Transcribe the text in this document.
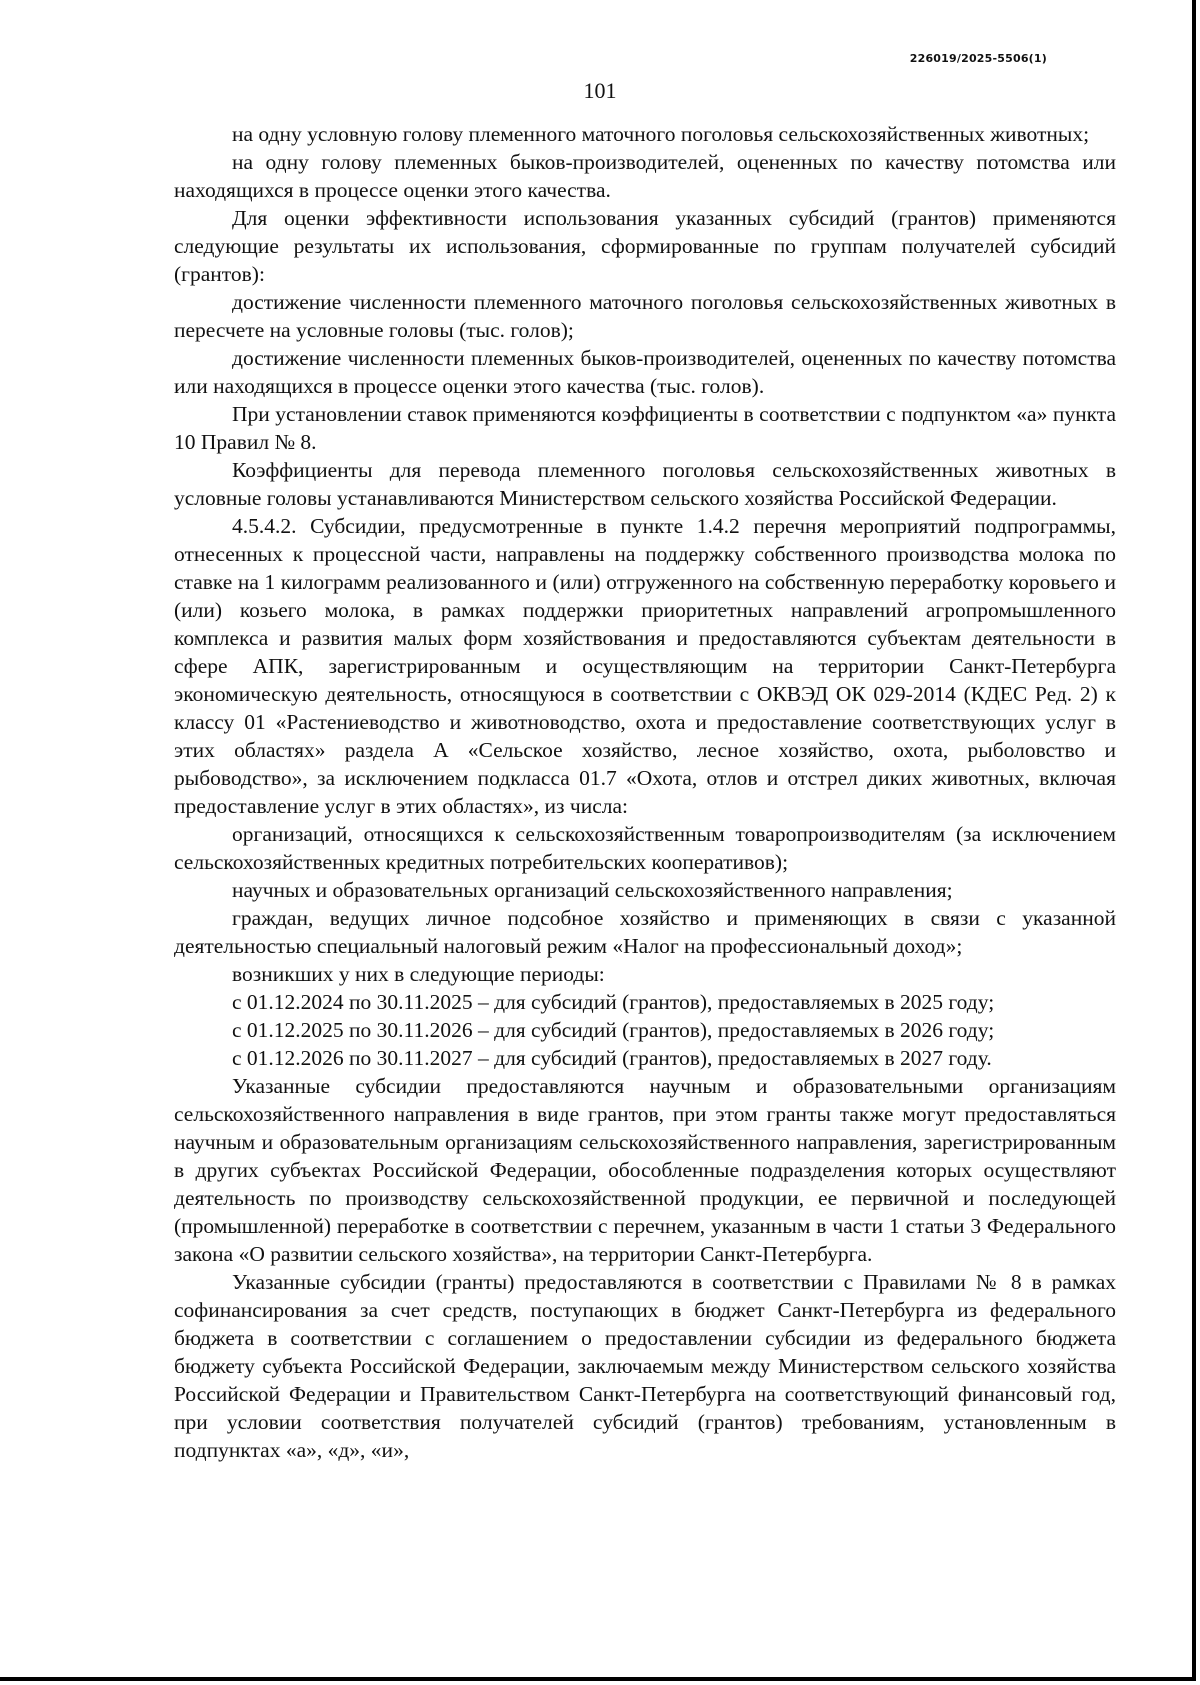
226019/2025-5506(1)
101

на одну условную голову племенного маточного поголовья сельскохозяйственных животных;

на одну голову племенных быков-производителей, оцененных по качеству потомства или находящихся в процессе оценки этого качества.

Для оценки эффективности использования указанных субсидий (грантов) применяются следующие результаты их использования, сформированные по группам получателей субсидий (грантов):

достижение численности племенного маточного поголовья сельскохозяйственных животных в пересчете на условные головы (тыс. голов);

достижение численности племенных быков-производителей, оцененных по качеству потомства или находящихся в процессе оценки этого качества (тыс. голов).

При установлении ставок применяются коэффициенты в соответствии с подпунктом «а» пункта 10 Правил № 8.

Коэффициенты для перевода племенного поголовья сельскохозяйственных животных в условные головы устанавливаются Министерством сельского хозяйства Российской Федерации.

4.5.4.2. Субсидии, предусмотренные в пункте 1.4.2 перечня мероприятий подпрограммы, отнесенных к процессной части, направлены на поддержку собственного производства молока по ставке на 1 килограмм реализованного и (или) отгруженного на собственную переработку коровьего и (или) козьего молока, в рамках поддержки приоритетных направлений агропромышленного комплекса и развития малых форм хозяйствования и предоставляются субъектам деятельности в сфере АПК, зарегистрированным и осуществляющим на территории Санкт-Петербурга экономическую деятельность, относящуюся в соответствии с ОКВЭД ОК 029-2014 (КДЕС Ред. 2) к классу 01 «Растениеводство и животноводство, охота и предоставление соответствующих услуг в этих областях» раздела А «Сельское хозяйство, лесное хозяйство, охота, рыболовство и рыбоводство», за исключением подкласса 01.7 «Охота, отлов и отстрел диких животных, включая предоставление услуг в этих областях», из числа:

организаций, относящихся к сельскохозяйственным товаропроизводителям (за исключением сельскохозяйственных кредитных потребительских кооперативов);

научных и образовательных организаций сельскохозяйственного направления;

граждан, ведущих личное подсобное хозяйство и применяющих в связи с указанной деятельностью специальный налоговый режим «Налог на профессиональный доход»;

возникших у них в следующие периоды:

с 01.12.2024 по 30.11.2025 – для субсидий (грантов), предоставляемых в 2025 году;

с 01.12.2025 по 30.11.2026 – для субсидий (грантов), предоставляемых в 2026 году;

с 01.12.2026 по 30.11.2027 – для субсидий (грантов), предоставляемых в 2027 году.

Указанные субсидии предоставляются научным и образовательными организациям сельскохозяйственного направления в виде грантов, при этом гранты также могут предоставляться научным и образовательным организациям сельскохозяйственного направления, зарегистрированным в других субъектах Российской Федерации, обособленные подразделения которых осуществляют деятельность по производству сельскохозяйственной продукции, ее первичной и последующей (промышленной) переработке в соответствии с перечнем, указанным в части 1 статьи 3 Федерального закона «О развитии сельского хозяйства», на территории Санкт-Петербурга.

Указанные субсидии (гранты) предоставляются в соответствии с Правилами № 8 в рамках софинансирования за счет средств, поступающих в бюджет Санкт-Петербурга из федерального бюджета в соответствии с соглашением о предоставлении субсидии из федерального бюджета бюджету субъекта Российской Федерации, заключаемым между Министерством сельского хозяйства Российской Федерации и Правительством Санкт-Петербурга на соответствующий финансовый год, при условии соответствия получателей субсидий (грантов) требованиям, установленным в подпунктах «а», «д», «и»,
